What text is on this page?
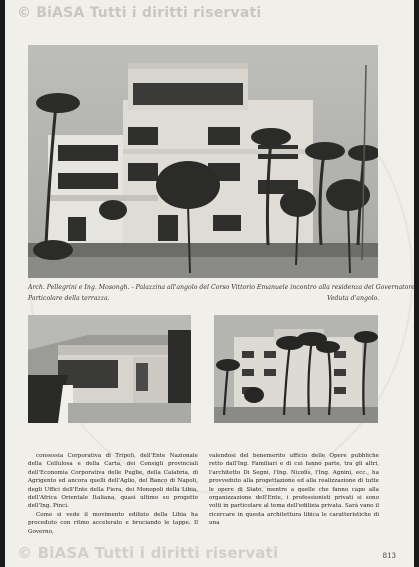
© BiASA Tutti i diritti riservati
Arch. Pellegrini e Ing. Mosongh. - Palazzina all'angolo del Corso Vittorio Emanuele incontro alla residenza del Governatore.
Particolare della terrazza.	Veduta d'angolo.

consessia Corporativa di Tripoli, dell'Ente Nazionale della Cellulosa e della Carta, dei Consigli provinciali dell'Economia Corporativa delle Puglie, della Calabria, di Agrigento ed ancora quelli dell'Aglio, del Banco di Napoli, degli Uffici dell'Ente della Fiera, dei Monopoli della Libia, dell'Africa Orientale Italiana, quasi ultimo su progetto dell'Ing. Pinci.

Come si vede il movimento edilizio della Libia ha proceduto con ritmo accelerato e bruciando le tappe. Il Governo,

valendosi del benemerito ufficio delle Opere pubbliche retto dall'Ing. Familiari e di cui fanno parte, tra gli altri, l'architetto Di Segni, l'Ing. Nicolis, l'Ing. Agnini, ecc., ha provveduto alla progettazione ed alla realizzazione di tutte le opere di Stato, mentre a quelle che fanno capo alla organizzazione dell'Ente, i professionisti privati si sono volti in particolare al tema dell'edilizia privata. Sarà vano il ricercare in questa architettura libica le caratteristiche di una

813
© BiASA Tutti i diritti riservati
